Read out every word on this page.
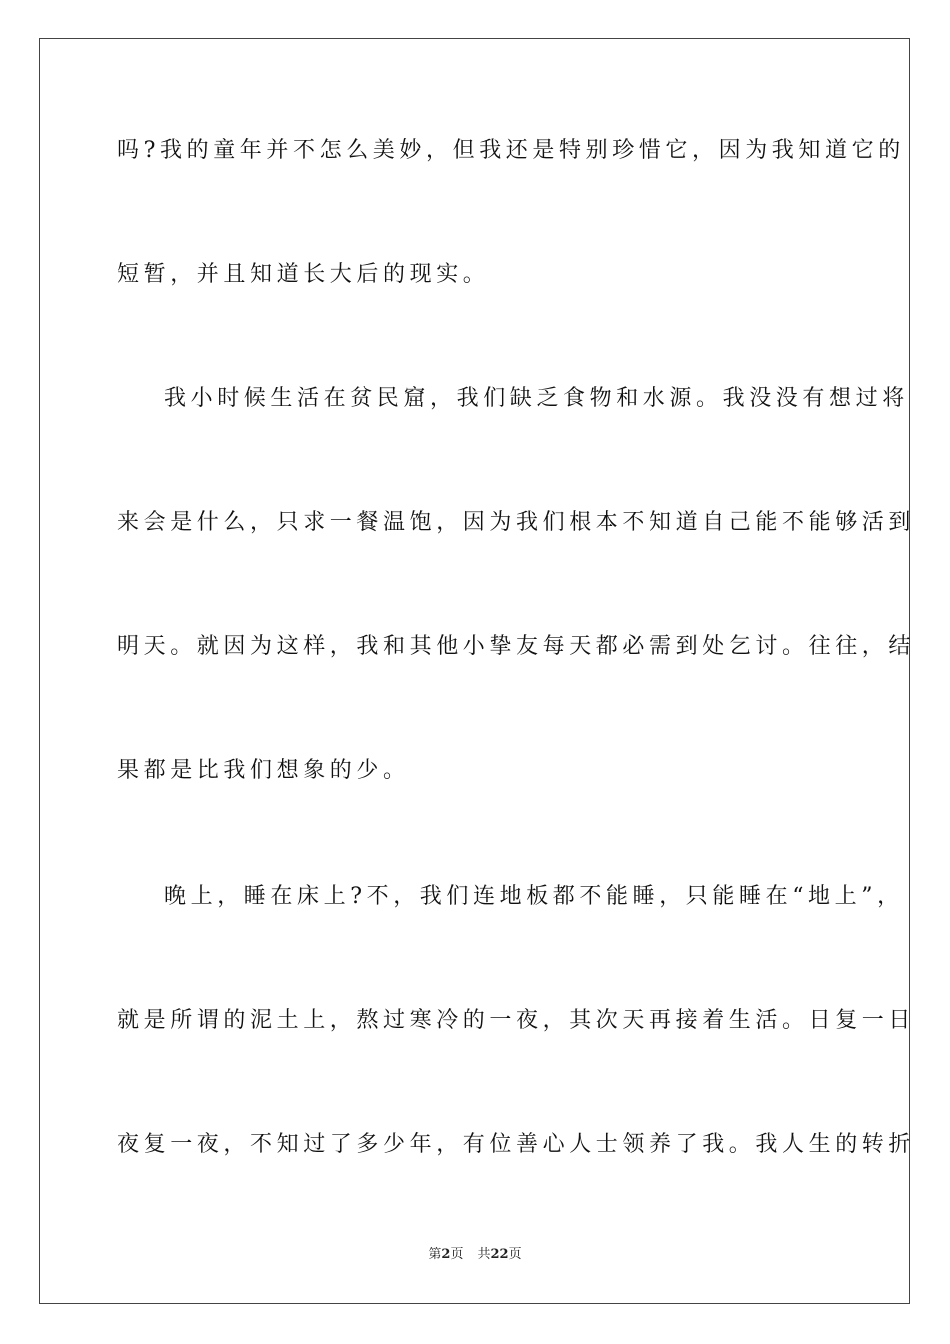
吗?我的童年并不怎么美妙，但我还是特别珍惜它，因为我知道它的

短暂，并且知道长大后的现实。

我小时候生活在贫民窟，我们缺乏食物和水源。我没没有想过将

来会是什么，只求一餐温饱，因为我们根本不知道自己能不能够活到

明天。就因为这样，我和其他小挚友每天都必需到处乞讨。往往，结

果都是比我们想象的少。

晚上，睡在床上?不，我们连地板都不能睡，只能睡在“地上”，

就是所谓的泥土上，熬过寒冷的一夜，其次天再接着生活。日复一日

夜复一夜，不知过了多少年，有位善心人士领养了我。我人生的转折

第2页 共22页
